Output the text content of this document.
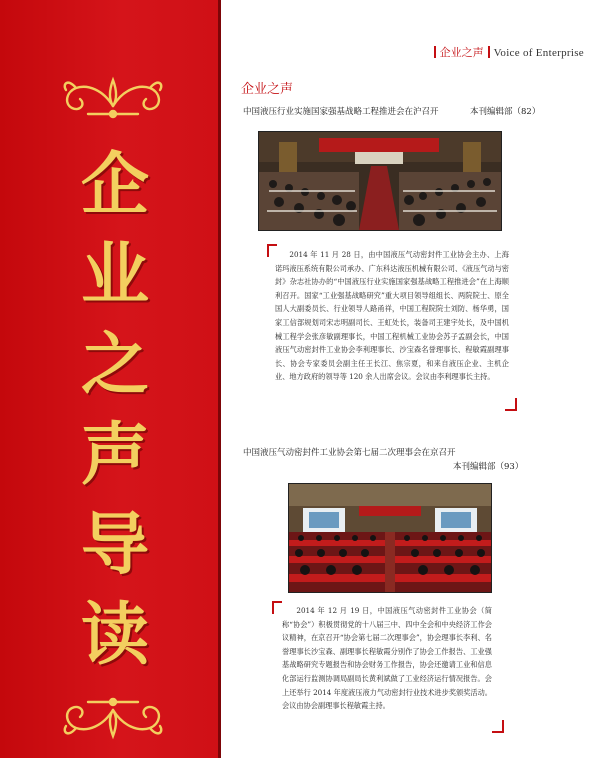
企
业
之
声
导
读
企业之声 Voice of Enterprise
企业之声
中国液压行业实施国家强基战略工程推进会在沪召开	本刊编辑部（82）

2014 年 11 月 28 日，由中国液压气动密封件工业协会主办、上海诺玛液压系统有限公司承办、广东科达液压机械有限公司、《液压气动与密封》杂志社协办的“中国液压行业实施国家强基战略工程推进会”在上海顺利召开。国家“工业强基战略研究”重大项目领导组组长、两院院士、原全国人大副委员长、行业领导人路甬祥，中国工程院院士刘防、杨华勇，国家工信部规划司宋志明副司长、王虹处长，装备司王建宇处长，及中国机械工程学会张彦敏副理事长，中国工程机械工业协会苏子孟副会长，中国液压气动密封件工业协会李利理事长、沙宝森名誉理事长、程敏霞副理事长、协会专家委员会副主任王长江、焦宗夏，和来自液压企业、主机企业、地方政府的领导等 120 余人出席会议。会议由李利理事长主持。

中国液压气动密封件工业协会第七届二次理事会在京召开
本刊编辑部（93）

2014 年 12 月 19 日，中国液压气动密封件工业协会（简称“协会”）积极贯彻党的十八届三中、四中全会和中央经济工作会议精神，在京召开“协会第七届二次理事会”，协会理事长李利、名誉理事长沙宝森、副理事长程敏霞分别作了协会工作报告、工业强基战略研究专题报告和协会财务工作报告，协会还邀请工业和信息化部运行监测协调局副局长黄利斌做了工业经济运行情况报告。会上还举行 2014 年度液压液力气动密封行业技术进步奖颁奖活动。会议由协会副理事长程敏霞主持。
